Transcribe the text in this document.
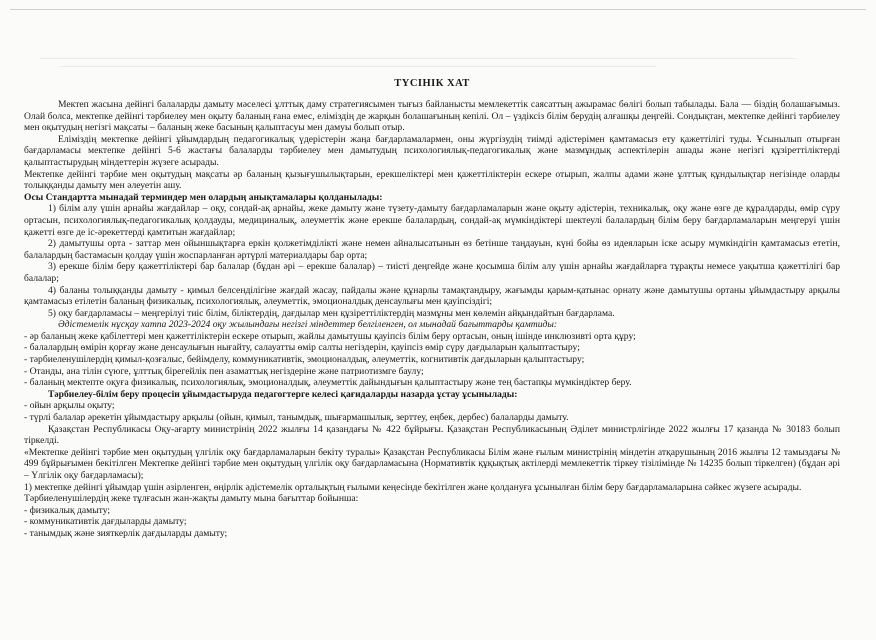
ТҮСІНІК ХАТ

Мектеп жасына дейінгі балаларды дамыту мәселесі ұлттық даму стратегиясымен тығыз байланысты мемлекеттік саясаттың ажырамас бөлігі болып табылады. Бала — біздің болашағымыз. Олай болса, мектепке дейінгі тәрбиелеу мен оқыту баланың ғана емес, еліміздің де жарқын болашағының кепілі. Ол – үздіксіз білім берудің алғашқы деңгейі. Сондықтан, мектепке дейінгі тәрбиелеу мен оқытудың негізгі мақсаты – баланың жеке басының қалыптасуы мен дамуы болып отыр.

Еліміздің мектепке дейінгі ұйымдардың педагогикалық үдерістерін жаңа бағдарламалармен, оны жүргізудің тиімді әдістерімен қамтамасыз ету қажеттілігі туды. Ұсынылып отырған бағдарламасы мектепке дейінгі 5-6 жастағы балаларды тәрбиелеу мен дамытудың психологиялық-педагогикалық және мазмұндық аспектілерін ашады және негізгі құзіреттіліктерді қалыптастырудың міндеттерін жүзеге асырады.

Мектепке дейінгі тәрбие мен оқытудың мақсаты әр баланың қызығушылықтарын, ерекшеліктері мен қажеттіліктерін ескере отырып, жалпы адами және ұлттық құндылықтар негізінде оларды толыққанды дамыту мен әлеуетін ашу.

Осы Стандартта мынадай терминдер мен олардың анықтамалары қолданылады:

1) білім алу үшін арнайы жағдайлар – оқу, сондай-ақ арнайы, жеке дамыту және түзету-дамыту бағдарламаларын және оқыту әдістерін, техникалық, оқу және өзге де құралдарды, өмір сүру ортасын, психологиялық-педагогикалық қолдауды, медициналық, әлеуметтік және ерекше балалардың, сондай-ақ мүмкіндіктері шектеулі балалардың білім беру бағдарламаларын меңгеруі үшін қажетті өзге де іс-әрекеттерді қамтитын жағдайлар;

2) дамытушы орта - заттар мен ойыншықтарға еркін қолжетімділікті және немен айналысатынын өз бетінше таңдауын, күні бойы өз идеяларын іске асыру мүмкіндігін қамтамасыз ететін, балалардың бастамасын қолдау үшін жоспарланған әртүрлі материалдары бар орта;

3) ерекше білім беру қажеттіліктері бар балалар (бұдан әрі – ерекше балалар) – тиісті деңгейде және қосымша білім алу үшін арнайы жағдайларға тұрақты немесе уақытша қажеттілігі бар балалар;

4) баланы толыққанды дамыту - қимыл белсенділігіне жағдай жасау, пайдалы және құнарлы тамақтандыру, жағымды қарым-қатынас орнату және дамытушы ортаны ұйымдастыру арқылы қамтамасыз етілетін баланың физикалық, психологиялық, әлеуметтік, эмоционалдық денсаулығы мен қауіпсіздігі;

5) оқу бағдарламасы – меңгерілуі тиіс білім, біліктердің, дағдылар мен құзіреттіліктердің мазмұны мен көлемін айқындайтын бағдарлама.

Әдістемелік нұсқау хатпа 2023-2024 оқу жылындағы негізгі міндеттер белгіленген, ол мынадай бағыттарды қамтиды:

- әр баланың жеке қабілеттері мен қажеттіліктерін ескере отырып, жайлы дамытушы қауіпсіз білім беру ортасын, оның ішінде инклюзивті орта құру;

- балалардың өмірін қорғау және денсаулығын нығайту, салауатты өмір салты негіздерін, қауіпсіз өмір сүру дағдыларын қалыптастыру;

- тәрбиеленушілердің қимыл-қозғалыс, бейімделу, коммуникативтік, эмоционалдық, әлеуметтік, когнитивтік дағдыларын қалыптастыру;

- Отанды, ана тілін сүюге, ұлттық бірегейлік пен азаматтық негіздеріне және патриотизмге баулу;

- баланың мектепте оқуға физикалық, психологиялық, эмоционалдық, әлеуметтік дайындығын қалыптастыру және тең бастапқы мүмкіндіктер беру.

Тәрбиелеу-білім беру процесін ұйымдастыруда педагогтерге келесі қағидаларды назарда ұстау ұсынылады:

- ойын арқылы оқыту;

- түрлі балалар әрекетін ұйымдастыру арқылы (ойын, қимыл, танымдық, шығармашылық, зерттеу, еңбек, дербес) балаларды дамыту.

Қазақстан Республикасы Оқу-ағарту министрінің 2022 жылғы 14 қазандағы № 422 бұйрығы. Қазақстан Республикасының Әділет министрлігінде 2022 жылғы 17 қазанда № 30183 болып тіркелді.

«Мектепке дейінгі тәрбие мен оқытудың үлгілік оқу бағдарламаларын бекіту туралы» Қазақстан Республикасы Білім және ғылым министрінің міндетін атқарушының 2016 жылғы 12 тамыздағы № 499 бұйрығымен бекітілген Мектепке дейінгі тәрбие мен оқытудың үлгілік оқу бағдарламасына (Нормативтік құқықтық актілерді мемлекеттік тіркеу тізілімінде № 14235 болып тіркелген) (бұдан әрі – Үлгілік оқу бағдарламасы);

1) мектепке дейінгі ұйымдар үшін әзірленген, өңірлік әдістемелік орталықтың ғылыми кеңесінде бекітілген және қолдануға ұсынылған білім беру бағдарламаларына сәйкес жүзеге асырады.

Тәрбиеленушілердің жеке тұлғасын жан-жақты дамыту мына бағыттар бойынша:

- физикалық дамыту;

- коммуникативтік дағдыларды дамыту;

- танымдық және зияткерлік дағдыларды дамыту;
